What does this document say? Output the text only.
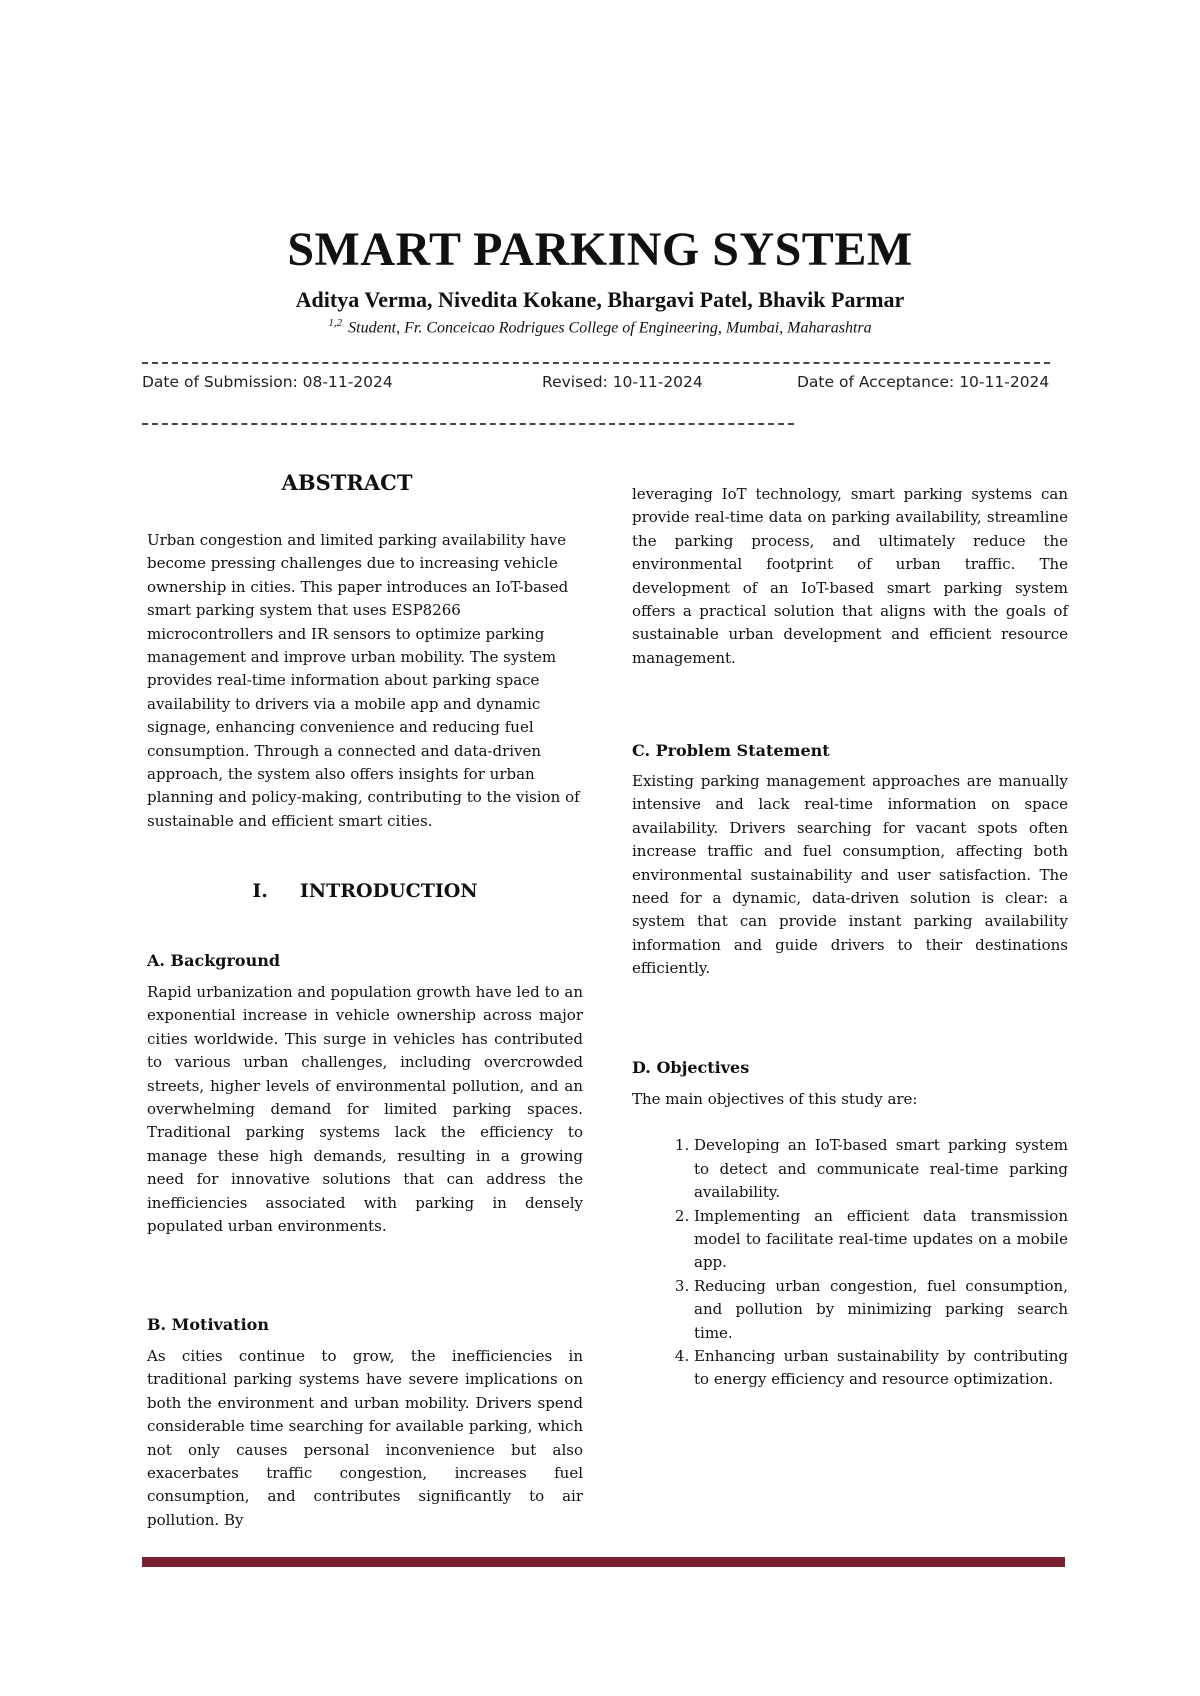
SMART PARKING SYSTEM
Aditya Verma, Nivedita Kokane, Bhargavi Patel, Bhavik Parmar
$^{1,2}$ Student, Fr. Conceicao Rodrigues College of Engineering, Mumbai, Maharashtra
Date of Submission: 08-11-2024	Revised: 10-11-2024	Date of Acceptance: 10-11-2024
ABSTRACT

Urban congestion and limited parking availability have become pressing challenges due to increasing vehicle ownership in cities. This paper introduces an IoT-based smart parking system that uses ESP8266 microcontrollers and IR sensors to optimize parking management and improve urban mobility. The system provides real-time information about parking space availability to drivers via a mobile app and dynamic signage, enhancing convenience and reducing fuel consumption. Through a connected and data-driven approach, the system also offers insights for urban planning and policy-making, contributing to the vision of sustainable and efficient smart cities.

I. INTRODUCTION
A. Background

Rapid urbanization and population growth have led to an exponential increase in vehicle ownership across major cities worldwide. This surge in vehicles has contributed to various urban challenges, including overcrowded streets, higher levels of environmental pollution, and an overwhelming demand for limited parking spaces. Traditional parking systems lack the efficiency to manage these high demands, resulting in a growing need for innovative solutions that can address the inefficiencies associated with parking in densely populated urban environments.

B. Motivation

As cities continue to grow, the inefficiencies in traditional parking systems have severe implications on both the environment and urban mobility. Drivers spend considerable time searching for available parking, which not only causes personal inconvenience but also exacerbates traffic congestion, increases fuel consumption, and contributes significantly to air pollution. By

leveraging IoT technology, smart parking systems can provide real-time data on parking availability, streamline the parking process, and ultimately reduce the environmental footprint of urban traffic. The development of an IoT-based smart parking system offers a practical solution that aligns with the goals of sustainable urban development and efficient resource management.

C. Problem Statement

Existing parking management approaches are manually intensive and lack real-time information on space availability. Drivers searching for vacant spots often increase traffic and fuel consumption, affecting both environmental sustainability and user satisfaction. The need for a dynamic, data-driven solution is clear: a system that can provide instant parking availability information and guide drivers to their destinations efficiently.

D. Objectives

The main objectives of this study are:

1. Developing an IoT-based smart parking system to detect and communicate real-time parking availability.
2. Implementing an efficient data transmission model to facilitate real-time updates on a mobile app.
3. Reducing urban congestion, fuel consumption, and pollution by minimizing parking search time.
4. Enhancing urban sustainability by contributing to energy efficiency and resource optimization.
